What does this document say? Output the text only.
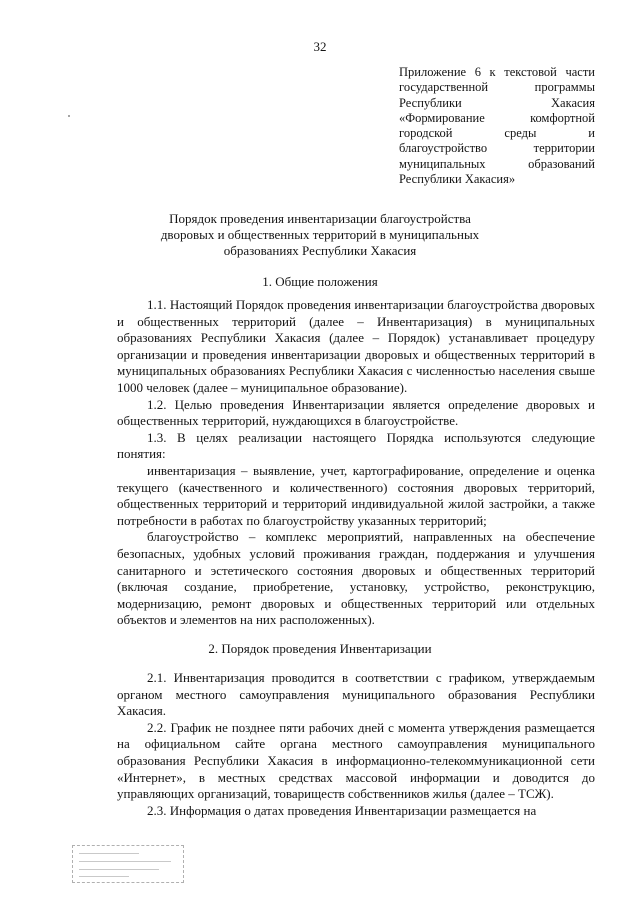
32
Приложение 6 к текстовой части
государственной программы
Республики Хакасия
«Формирование комфортной
городской среды и
благоустройство территории
муниципальных образований
Республики Хакасия»
Порядок проведения инвентаризации благоустройства
дворовых и общественных территорий в муниципальных
образованиях Республики Хакасия
1. Общие положения

1.1. Настоящий Порядок проведения инвентаризации благоустройства дворовых и общественных территорий (далее – Инвентаризация) в муниципальных образованиях Республики Хакасия (далее – Порядок) устанавливает процедуру организации и проведения инвентаризации дворовых и общественных территорий в муниципальных образованиях Республики Хакасия с численностью населения свыше 1000 человек (далее – муниципальное образование).

1.2. Целью проведения Инвентаризации является определение дворовых и общественных территорий, нуждающихся в благоустройстве.

1.3. В целях реализации настоящего Порядка используются следующие понятия:

инвентаризация – выявление, учет, картографирование, определение и оценка текущего (качественного и количественного) состояния дворовых территорий, общественных территорий и территорий индивидуальной жилой застройки, а также потребности в работах по благоустройству указанных территорий;

благоустройство – комплекс мероприятий, направленных на обеспечение безопасных, удобных условий проживания граждан, поддержания и улучшения санитарного и эстетического состояния дворовых и общественных территорий (включая создание, приобретение, установку, устройство, реконструкцию, модернизацию, ремонт дворовых и общественных территорий или отдельных объектов и элементов на них расположенных).

2. Порядок проведения Инвентаризации

2.1. Инвентаризация проводится в соответствии с графиком, утверждаемым органом местного самоуправления муниципального образования Республики Хакасия.

2.2. График не позднее пяти рабочих дней с момента утверждения размещается на официальном сайте органа местного самоуправления муниципального образования Республики Хакасия в информационно-телекоммуникационной сети «Интернет», в местных средствах массовой информации и доводится до управляющих организаций, товариществ собственников жилья (далее – ТСЖ).

2.3. Информация о датах проведения Инвентаризации размещается на
